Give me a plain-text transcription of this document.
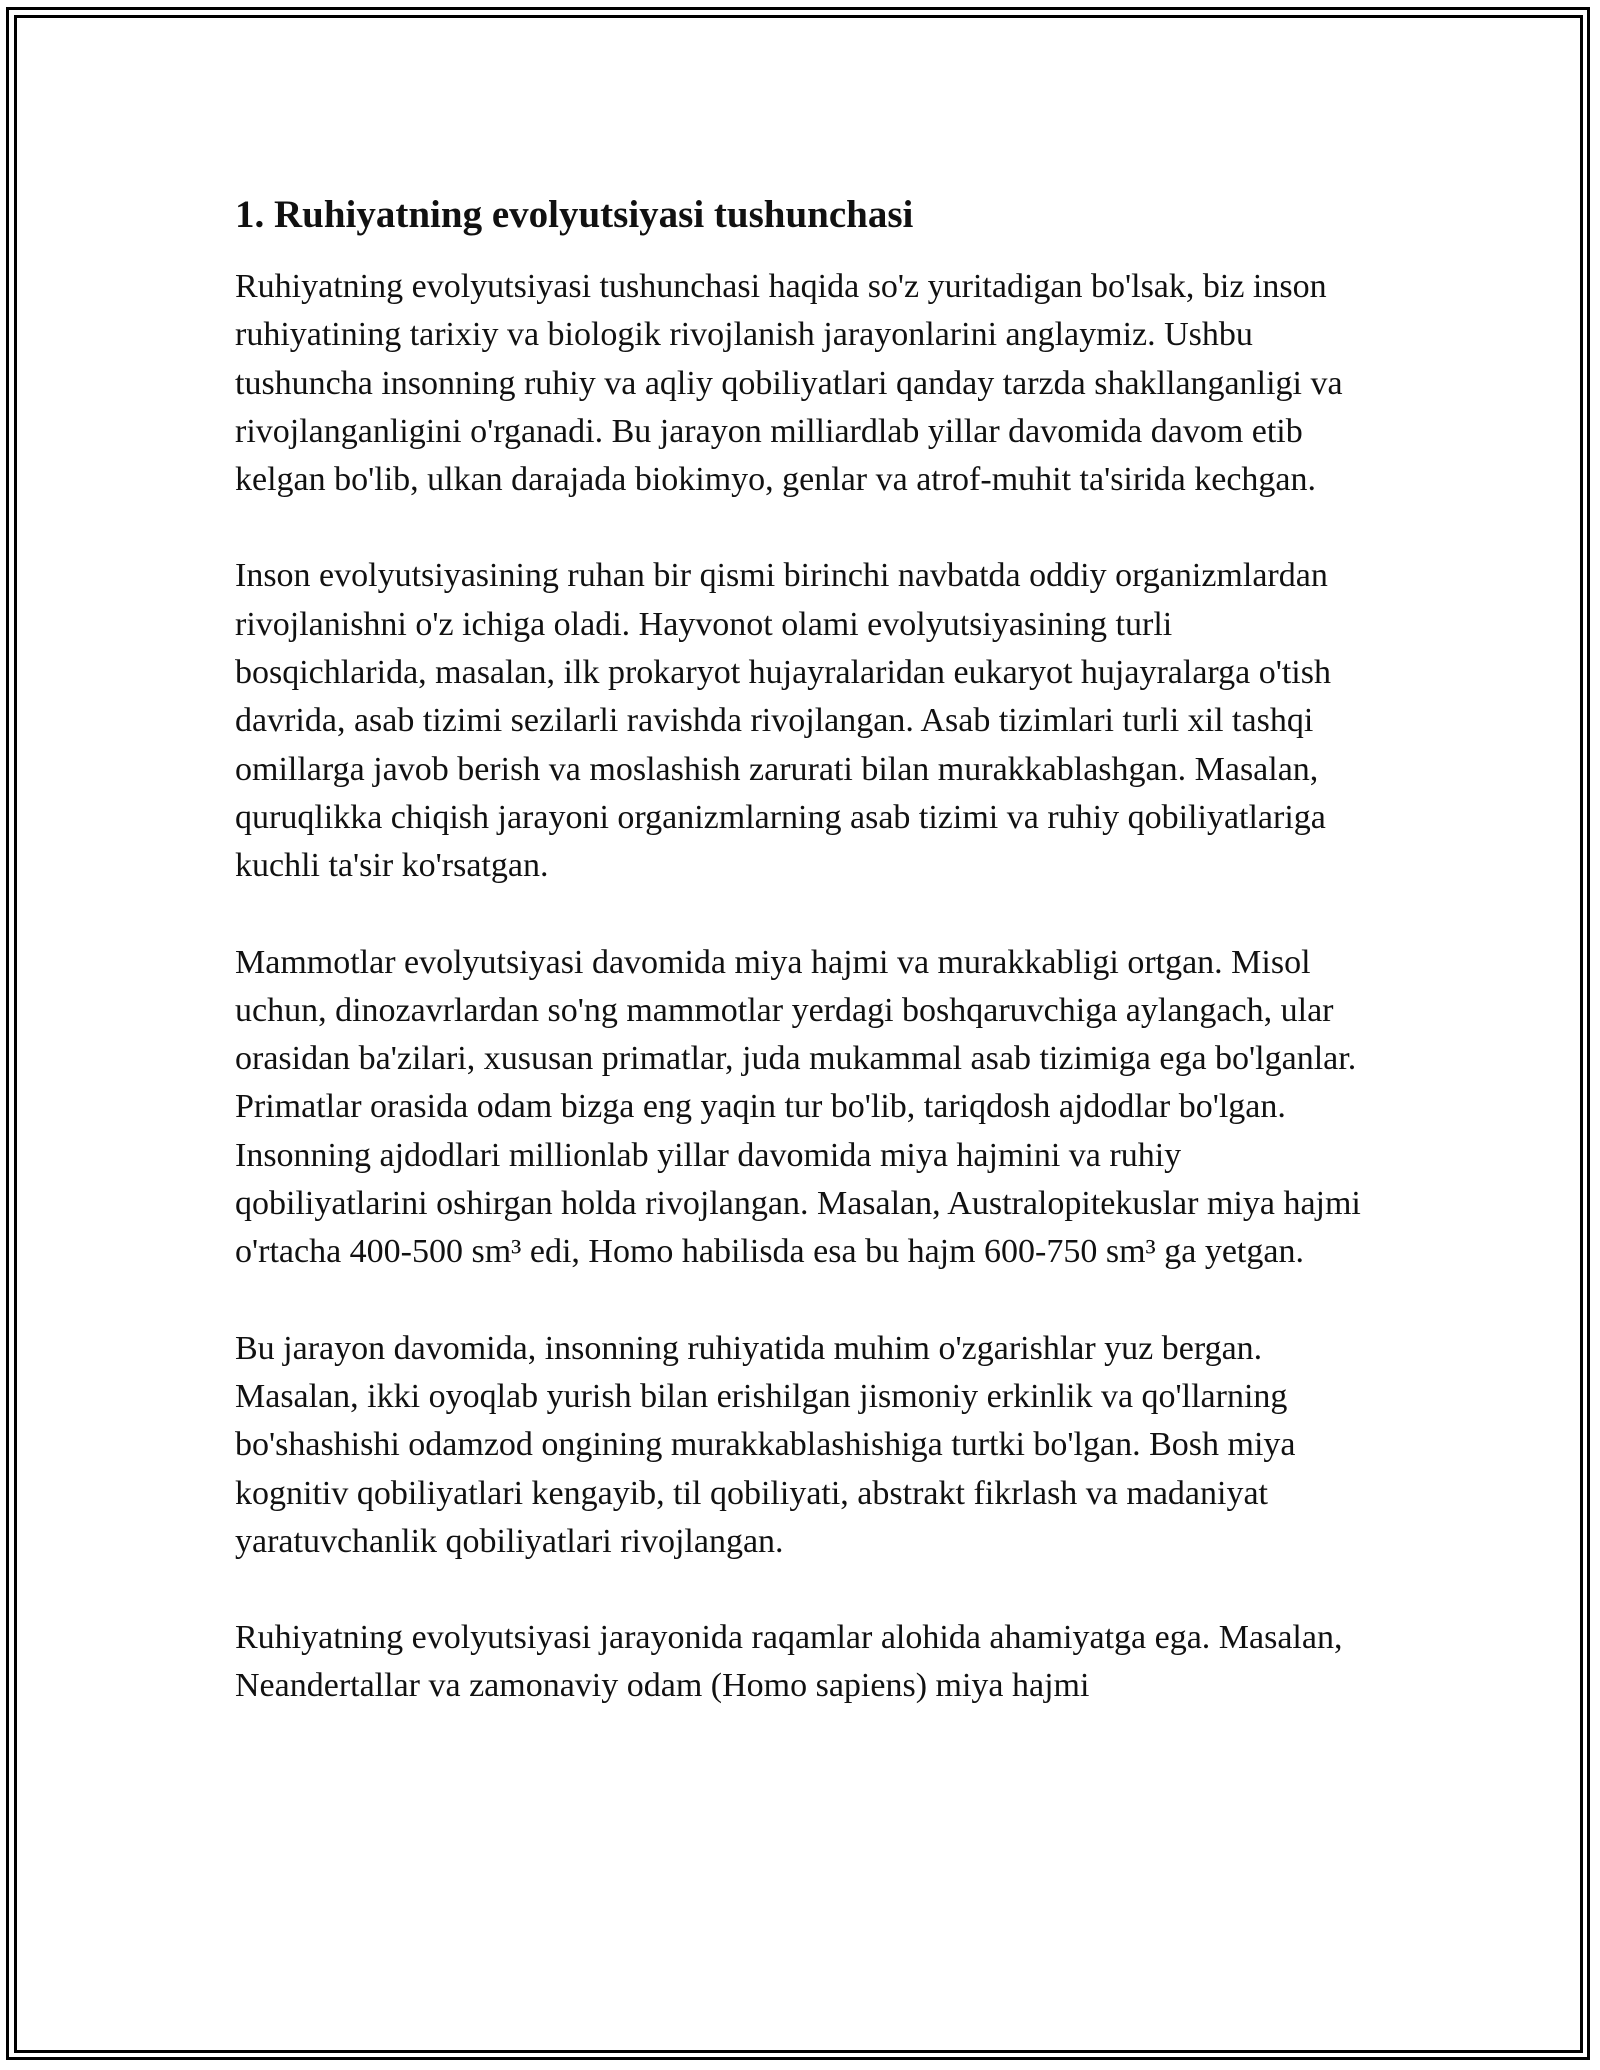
1. Ruhiyatning evolyutsiyasi tushunchasi

Ruhiyatning evolyutsiyasi tushunchasi haqida so'z yuritadigan bo'lsak, biz inson ruhiyatining tarixiy va biologik rivojlanish jarayonlarini anglaymiz. Ushbu tushuncha insonning ruhiy va aqliy qobiliyatlari qanday tarzda shakllanganligi va rivojlanganligini o'rganadi. Bu jarayon milliardlab yillar davomida davom etib kelgan bo'lib, ulkan darajada biokimyo, genlar va atrof-muhit ta'sirida kechgan.

Inson evolyutsiyasining ruhan bir qismi birinchi navbatda oddiy organizmlardan rivojlanishni o'z ichiga oladi. Hayvonot olami evolyutsiyasining turli bosqichlarida, masalan, ilk prokaryot hujayralaridan eukaryot hujayralarga o'tish davrida, asab tizimi sezilarli ravishda rivojlangan. Asab tizimlari turli xil tashqi omillarga javob berish va moslashish zarurati bilan murakkablashgan. Masalan, quruqlikka chiqish jarayoni organizmlarning asab tizimi va ruhiy qobiliyatlariga kuchli ta'sir ko'rsatgan.

Mammotlar evolyutsiyasi davomida miya hajmi va murakkabligi ortgan. Misol uchun, dinozavrlardan so'ng mammotlar yerdagi boshqaruvchiga aylangach, ular orasidan ba'zilari, xususan primatlar, juda mukammal asab tizimiga ega bo'lganlar. Primatlar orasida odam bizga eng yaqin tur bo'lib, tariqdosh ajdodlar bo'lgan. Insonning ajdodlari millionlab yillar davomida miya hajmini va ruhiy qobiliyatlarini oshirgan holda rivojlangan. Masalan, Australopitekuslar miya hajmi o'rtacha 400-500 sm³ edi, Homo habilisda esa bu hajm 600-750 sm³ ga yetgan.

Bu jarayon davomida, insonning ruhiyatida muhim o'zgarishlar yuz bergan. Masalan, ikki oyoqlab yurish bilan erishilgan jismoniy erkinlik va qo'llarning bo'shashishi odamzod ongining murakkablashishiga turtki bo'lgan. Bosh miya kognitiv qobiliyatlari kengayib, til qobiliyati, abstrakt fikrlash va madaniyat yaratuvchanlik qobiliyatlari rivojlangan.

Ruhiyatning evolyutsiyasi jarayonida raqamlar alohida ahamiyatga ega. Masalan, Neandertallar va zamonaviy odam (Homo sapiens) miya hajmi
